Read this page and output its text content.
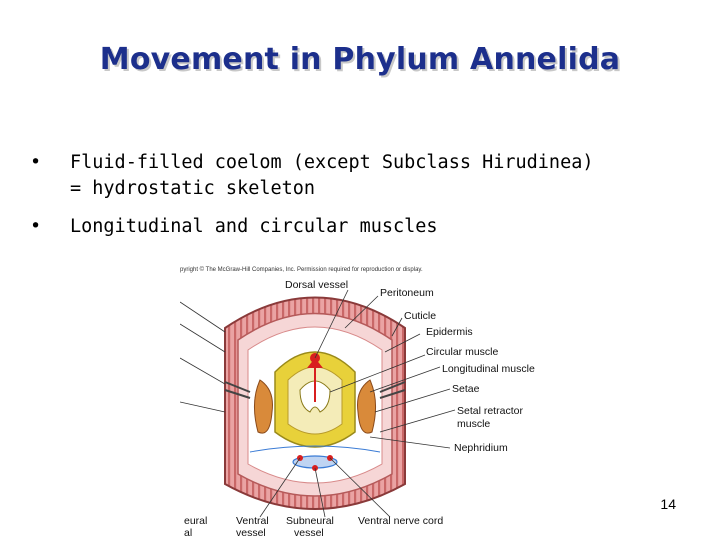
Movement in Phylum Annelida
• Fluid-filled coelom (except Subclass Hirudinea)
= hydrostatic skeleton
• Longitudinal and circular muscles
pyright © The McGraw-Hill Companies, Inc. Permission required for reproduction or display.
Dorsal vessel
Peritoneum
Cuticle
Epidermis
Circular muscle
Longitudinal muscle
Setae
Setal retractor
muscle
Nephridium
Ventral
vessel
Subneural
vessel
Ventral nerve cord
eural
al
14
